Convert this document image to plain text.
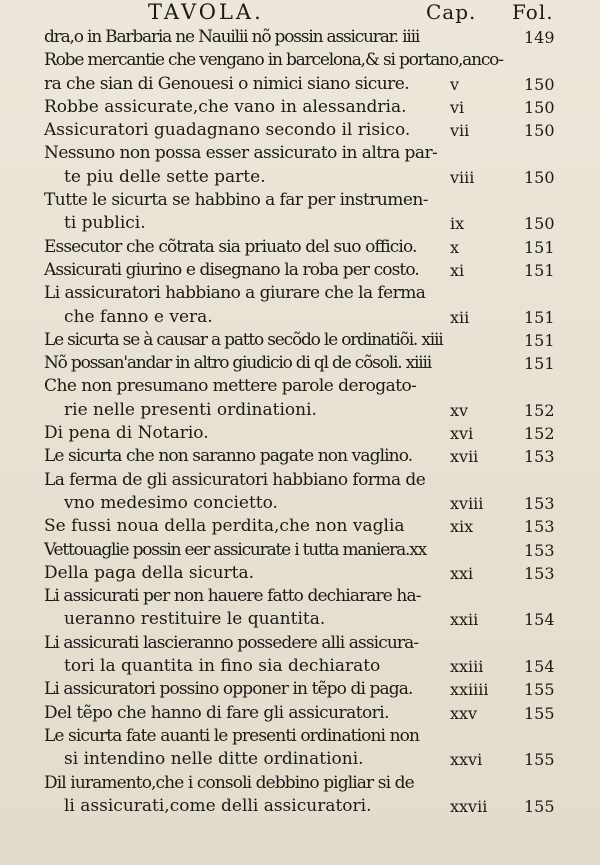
TAVOLA.	Cap. Fol.
dra,o in Barbaria ne Nauilii nõ possin assicurar. iiii	149
Robe mercantie che vengano in barcelona,& si portano,anco-
ra che sian di Genouesi o nimici siano sicure.	v	150
Robbe assicurate,che vano in alessandria.	vi	150
Assicuratori guadagnano secondo il risico. vii	150
Nessuno non possa esser assicurato in altra par-
te piu delle sette parte.	viii	150
Tutte le sicurta se habbino a far per instrumen-
ti publici.	ix	150
Essecutor che cõtrata sia priuato del suo officio. x	151
Assicurati giurino e disegnano la roba per costo. xi	151
Li assicuratori habbiano a giurare che la ferma
che fanno e vera.	xii	151
Le sicurta se à causar a patto secõdo le ordinatiõi. xiii	151
Nõ possan'andar in altro giudicio di ql de cõsoli. xiiii	151
Che non presumano mettere parole derogato-
rie nelle presenti ordinationi.	xv	152
Di pena di Notario.	xvi	152
Le sicurta che non saranno pagate non vaglino. xvii	153
La ferma de gli assicuratori habbiano forma de
vno medesimo concietto.	xviii	153
Se fussi noua della perdita,che non vaglia	xix	153
Vettouaglie possin eer assicurate i tutta maniera.xx	153
Della paga della sicurta.	xxi	153
Li assicurati per non hauere fatto dechiarare ha-
ueranno restituire le quantita.	xxii	154
Li assicurati lascieranno possedere alli assicura-
tori la quantita in fino sia dechiarato	xxiii	154
Li assicuratori possino opponer in tẽpo di paga. xxiiii 155
Del tẽpo che hanno di fare gli assicuratori.	xxv	155
Le sicurta fate auanti le presenti ordinationi non
si intendino nelle ditte ordinationi.	xxvi	155
Dil iuramento,che i consoli debbino pigliar si de
li assicurati,come delli assicuratori.	xxvii 155
